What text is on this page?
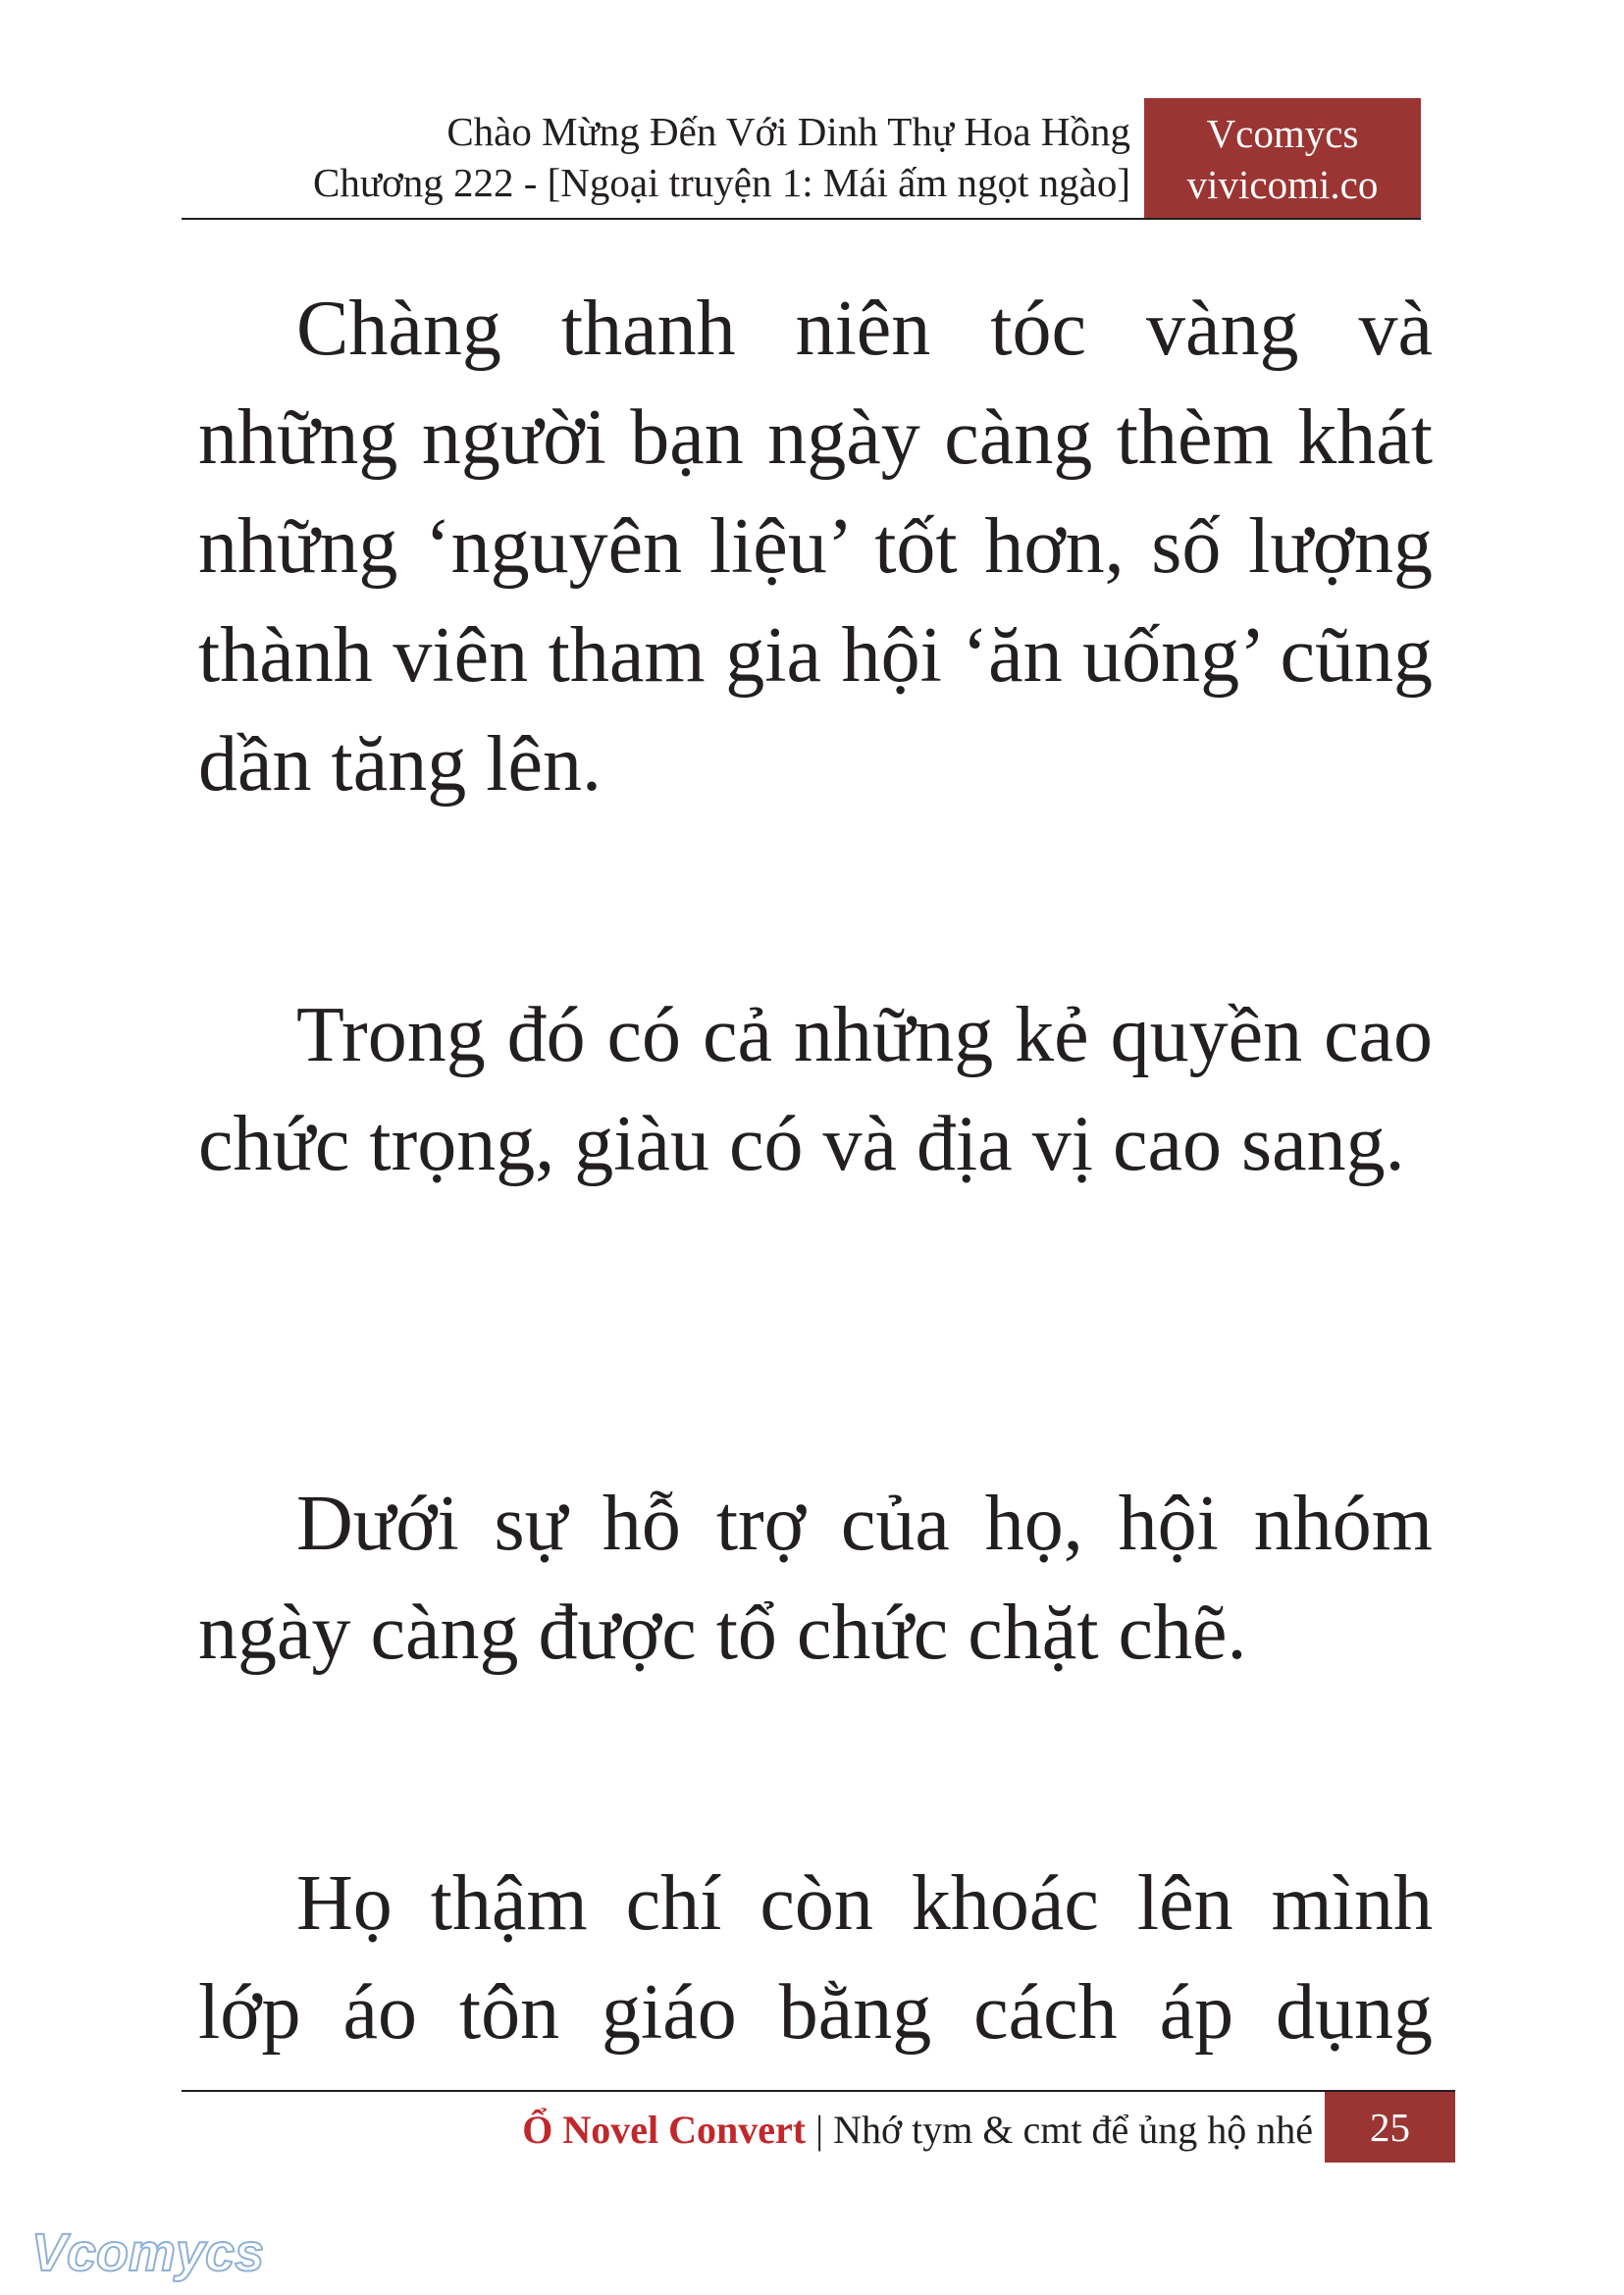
Chào Mừng Đến Với Dinh Thự Hoa Hồng
Chương 222 - [Ngoại truyện 1: Mái ấm ngọt ngào]
Vcomycs
vivicomi.co

Chàng thanh niên tóc vàng và những người bạn ngày càng thèm khát những ‘nguyên liệu’ tốt hơn, số lượng thành viên tham gia hội ‘ăn uống’ cũng dần tăng lên.

Trong đó có cả những kẻ quyền cao chức trọng, giàu có và địa vị cao sang.

Dưới sự hỗ trợ của họ, hội nhóm ngày càng được tổ chức chặt chẽ.

Họ thậm chí còn khoác lên mình lớp áo tôn giáo bằng cách áp dụng

Ổ Novel Convert | Nhớ tym & cmt để ủng hộ nhé	25
Vcomycs
